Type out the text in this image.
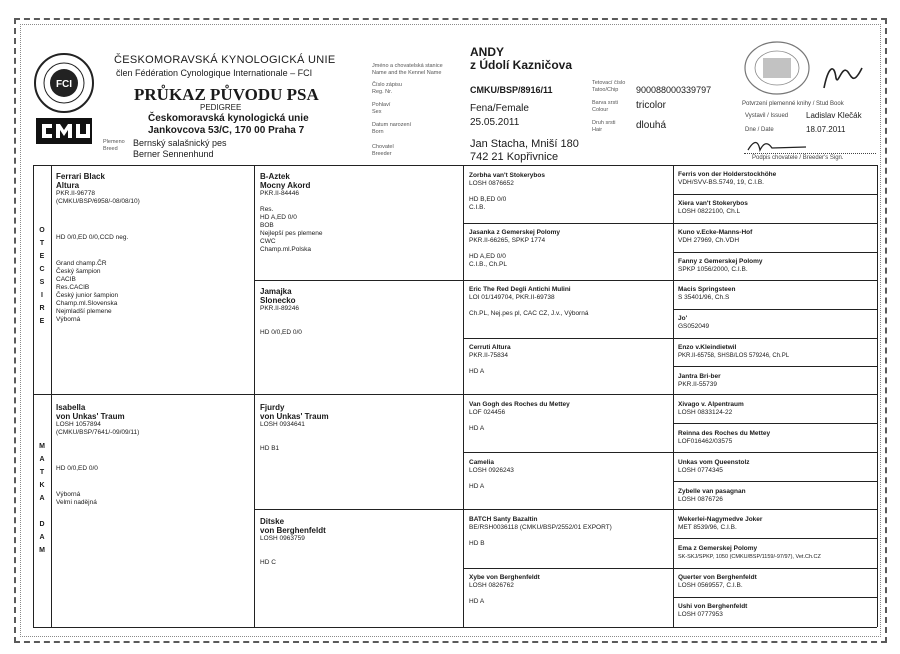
FCI
ČESKOMORAVSKÁ KYNOLOGICKÁ UNIE
člen Fédération Cynologique Internationale – FCI
PRŮKAZ PŮVODU PSA
PEDIGREE
Českomoravská kynologická unie
Jankovcova 53/C, 170 00 Praha 7
Plemeno
Breed
Bernský salašnický pes
Berner Sennenhund
Jméno a chovatelská stanice
Name and the Kennel Name
Číslo zápisu
Reg. Nr.
Pohlaví
Sex
Datum narození
Born
Chovatel
Breeder
ANDY
z Údolí Kazničova
CMKU/BSP/8916/11
Fena/Female
25.05.2011
Jan Stacha, Mniší 180
742 21 Kopřivnice
Tetovací číslo
Tatoo/Chip
Barva srsti
Colour
Druh srsti
Hair
900088000339797
tricolor
dlouhá
Potvrzení plemenné knihy / Stud Book
Vystavil / Issued Ladislav Klečák
Dne / Date	18.07.2011
Podpis chovatele / Breeder's Sign.
O
T
E
C
S
I
R
E
M
A
T
K
A
D
A
M
Ferrari Black
Altura
PKR.II-96778
(CMKU/BSP/6958/-08/08/10)
HD 0/0,ED 0/0,CCD neg.
Grand champ.ČR
Český šampion
CACIB
Res.CACIB
Český junior šampion
Champ.ml.Slovenska
Nejmladší plemene
Výborná
Isabella
von Unkas' Traum
LOSH 1057894
(CMKU/BSP/7641/-09/09/11)
HD 0/0,ED 0/0
Výborná
Velmi nadějná
B-Aztek
Mocny Akord
PKR.II-84446
Res.
HD A,ED 0/0
BOB
Nejlepší pes plemene
CWC
Champ.ml.Polska
Jamajka
Slonecko
PKR.II-89246
HD 0/0,ED 0/0
Fjurdy
von Unkas' Traum
LOSH 0934641
HD B1
Ditske
von Berghenfeldt
LOSH 0963759
HD C
Zorbha van't Stokerybos
LOSH 0876652
HD B,ED 0/0
C.I.B.
Jasanka z Gemerskej Polomy
PKR.II-66265, SPKP 1774
HD A,ED 0/0
C.I.B., Ch.PL
Eric The Red Degli Antichi Mulini
LOI 01/149704, PKR.II-69738
Ch.PL, Nej.pes pl, CAC CZ, J.v., Výborná
Cerruti Altura
PKR.II-75834
HD A
Van Gogh des Roches du Mettey
LOF 024456
HD A
Camelia
LOSH 0926243
HD A
BATCH Santy Bazaltin
BE/RSH0036118 (CMKU/BSP/2552/01 EXPORT)
HD B
Xybe von Berghenfeldt
LOSH 0826762
HD A
Ferris von der Holderstockhöhe
VDH/SVV-BS.5749, 19, C.I.B.
Xiera van't Stokerybos
LOSH 0822100, Ch.L
Kuno v.Ecke-Manns-Hof
VDH 27969, Ch.VDH
Fanny z Gemerskej Polomy
SPKP 1056/2000, C.I.B.
Macis Springsteen
S 35401/96, Ch.S
Jo'
GS052049
Enzo v.Kleindietwil
PKR.II-65758, SHSB/LOS 579246, Ch.PL
Jantra Bri-ber
PKR.II-55739
Xivago v. Alpentraum
LOSH 0833124-22
Reinna des Roches du Mettey
LOF016462/03575
Unkas vom Queenstolz
LOSH 0774345
Zybelle van pasagnan
LOSH 0876726
Wekerlei-Nagymedve Joker
MET 8539/96, C.I.B.
Ema z Gemerskej Polomy
SK-SKJ/SPKP, 1050 (CMKU/BSP/1159/-97/97), Vet.Ch.CZ
Querter von Berghenfeldt
LOSH 0569557, C.I.B.
Ushi von Berghenfeldt
LOSH 0777953
